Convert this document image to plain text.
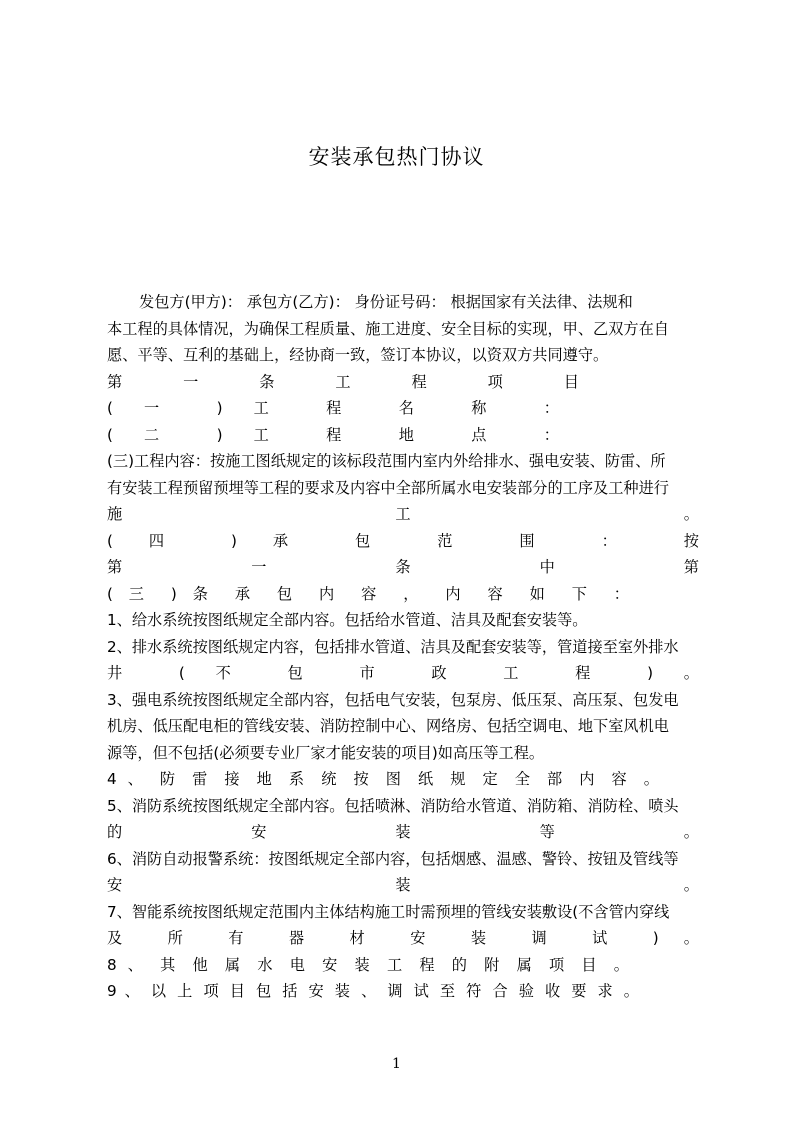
安装承包热门协议
发包方(甲方)： 承包方(乙方)： 身份证号码： 根据国家有关法律、法规和
本工程的具体情况，为确保工程质量、施工进度、安全目标的实现，甲、乙双方在自
愿、平等、互利的基础上，经协商一致，签订本协议，以资双方共同遵守。
第 一 条 工 程 项 目
( 一 ) 工 程 名 称 ：
( 二 ) 工 程 地 点 ：
(三)工程内容：按施工图纸规定的该标段范围内室内外给排水、强电安装、防雷、所
有安装工程预留预埋等工程的要求及内容中全部所属水电安装部分的工序及工种进行
施 工 。
( 四 ) 承 包 范 围 ： 按
第 一 条 中 第
( 三 ) 条 承 包 内 容 ， 内 容 如 下 ：
1、给水系统按图纸规定全部内容。包括给水管道、洁具及配套安装等。
2、排水系统按图纸规定内容，包括排水管道、洁具及配套安装等，管道接至室外排水
井 ( 不 包 市 政 工 程 ) 。
3、强电系统按图纸规定全部内容，包括电气安装，包泵房、低压泵、高压泵、包发电
机房、低压配电柜的管线安装、消防控制中心、网络房、包括空调电、地下室风机电
源等，但不包括(必须要专业厂家才能安装的项目)如高压等工程。
4 、 防 雷 接 地 系 统 按 图 纸 规 定 全 部 内 容 。
5、消防系统按图纸规定全部内容。包括喷淋、消防给水管道、消防箱、消防栓、喷头
的 安 装 等 。
6、消防自动报警系统：按图纸规定全部内容，包括烟感、温感、警铃、按钮及管线等
安 装 。
7、智能系统按图纸规定范围内主体结构施工时需预埋的管线安装敷设(不含管内穿线
及 所 有 器 材 安 装 调 试 ) 。
8 、 其 他 属 水 电 安 装 工 程 的 附 属 项 目 。
9 、 以 上 项 目 包 括 安 装 、 调 试 至 符 合 验 收 要 求 。
1
